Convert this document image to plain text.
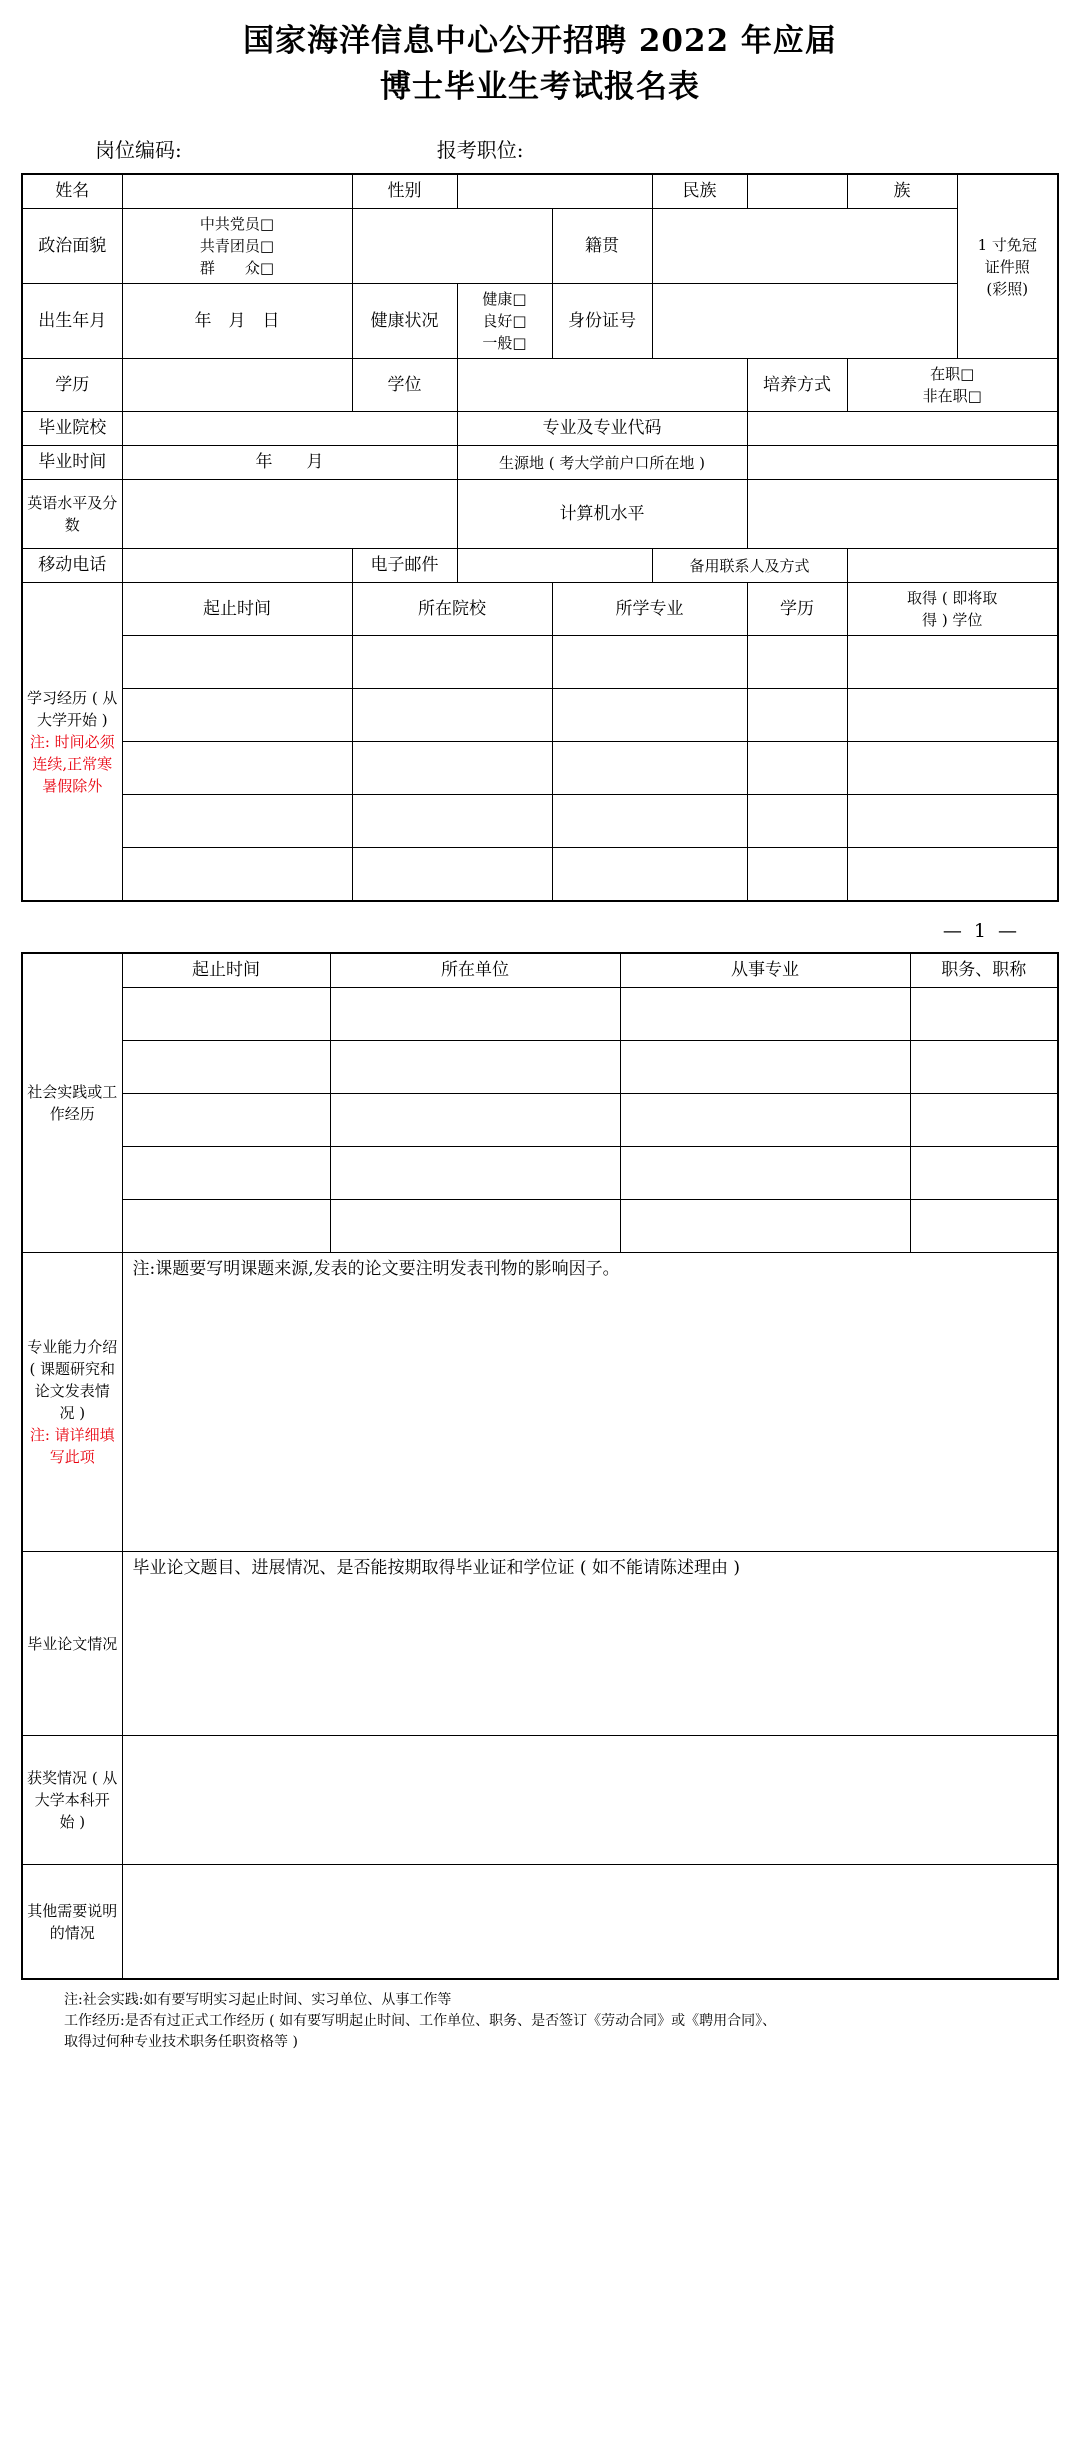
国家海洋信息中心公开招聘 2022 年应届
博士毕业生考试报名表
岗位编码:	报考职位:
姓名		性别			民族		族	1 寸免冠
证件照
(彩照)
政治面貌	中共党员□
共青团员□
群　　众□			籍贯				
出生年月	年　月　日	健康状况	健康□
良好□
一般□	身份证号				
学历		学位				培养方式	在职□
非在职□	
毕业院校			专业及专业代码					
毕业时间	年　　月		生源地 ( 考大学前户口所在地 )					
英语水平及分数			计算机水平					
移动电话		电子邮件			备用联系人及方式			
学习经历 ( 从
大学开始 )
注: 时间必须
连续,正常寒
暑假除外	起止时间	所在院校		所学专业		学历	取得 ( 即将取
得 ) 学位	

— 1 —
社会实践或工
作经历	起止时间	所在单位	从事专业	职务、职称

专业能力介绍
( 课题研究和
论文发表情
况 )
注: 请详细填
写此项	注:课题要写明课题来源,发表的论文要注明发表刊物的影响因子。
毕业论文情况	毕业论文题目、进展情况、是否能按期取得毕业证和学位证 ( 如不能请陈述理由 )			
获奖情况 ( 从
大学本科开
始 )				
其他需要说明
的情况				
注:社会实践:如有要写明实习起止时间、实习单位、从事工作等
工作经历:是否有过正式工作经历 ( 如有要写明起止时间、工作单位、职务、是否签订《劳动合同》或《聘用合同》、
取得过何种专业技术职务任职资格等 )
